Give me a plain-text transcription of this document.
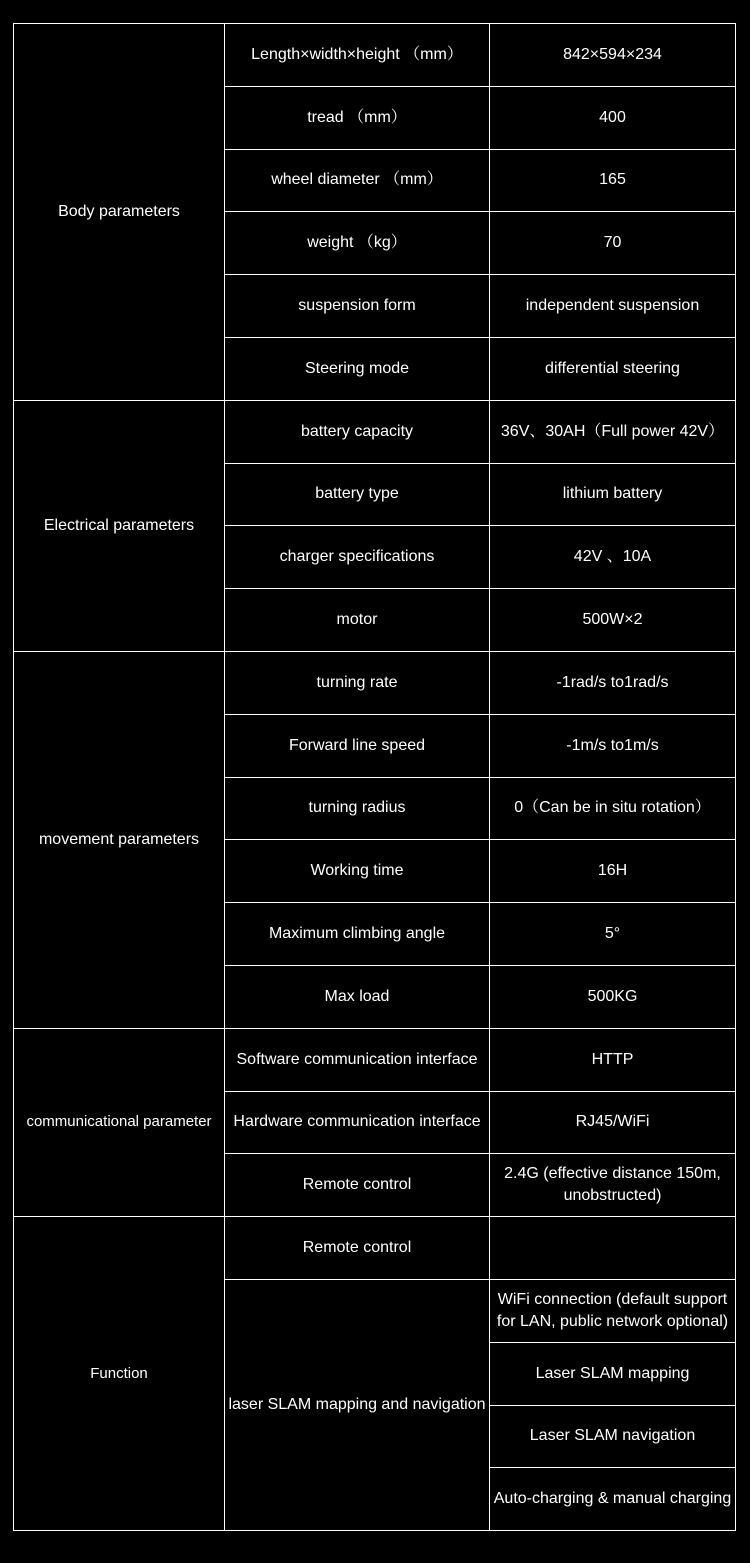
Body parameters	Length×width×height （mm）	842×594×234
	tread （mm）	400
	wheel diameter （mm）	165
	weight （kg）	70
	suspension form	independent suspension
	Steering mode	differential steering
Electrical parameters	battery capacity	36V、30AH（Full power 42V）
	battery type	lithium battery
	charger specifications	42V 、10A
	motor	500W×2
movement parameters	turning rate	-1rad/s to1rad/s
	Forward line speed	-1m/s to1m/s
	turning radius	0（Can be in situ rotation）
	Working time	16H
	Maximum climbing angle	5°
	Max load	500KG
communicational parameter	Software communication interface	HTTP
	Hardware communication interface	RJ45/WiFi
	Remote control	2.4G (effective distance 150m, unobstructed)
Function	Remote control	
	laser SLAM mapping and navigation	WiFi connection (default support for LAN, public network optional)
		Laser SLAM mapping
		Laser SLAM navigation
		Auto-charging & manual charging
